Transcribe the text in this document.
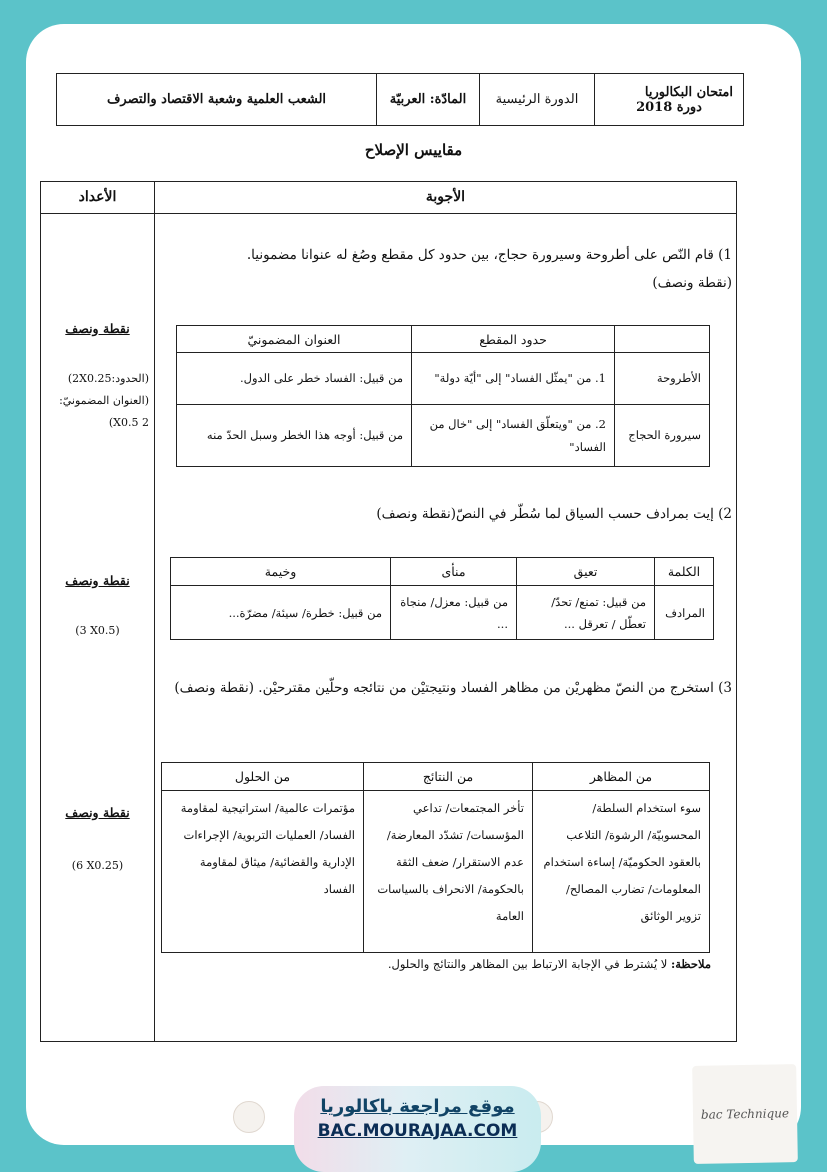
امتحان البكالوريا
دورة 2018
	الدورة الرئيسية	المادّة: العربيّة	الشعب العلمية وشعبة الاقتصاد والتصرف
مقاييس الإصلاح
الأجوبة
الأعداد
نقطة ونصف
(الحدود:2X0.25)
(العنوان المضمونيّ:
2 X0.5)
نقطة ونصف
(3 X0.5)
نقطة ونصف
(6 X0.25)
1) قام النّص على أطروحة وسيرورة حجاج، بين حدود كل مقطع وصُغ له عنوانا مضمونيا.
(نقطة ونصف)
	حدود المقطع	العنوان المضمونيّ
الأطروحة	1. من "يمثّل الفساد" إلى "أيّة دولة"	من قبيل: الفساد خطر على الدول.
سيرورة الحجاج	2. من "ويتعلّق الفساد" إلى "خال من الفساد"	من قبيل: أوجه هذا الخطر وسبل الحدّ منه
2) إيت بمرادف حسب السياق لما سُطّر في النصّ(نقطة ونصف)
الكلمة	تعيق	منأى	وخيمة
المرادف	من قبيل: تمنع/ تحدّ/ تعطّل / تعرقل ...	من قبيل: معزل/ منجاة ...	من قبيل: خطرة/ سيئة/ مضرّة...
3) استخرج من النصّ مظهريْن من مظاهر الفساد ونتيجتيْن من نتائجه وحلّين مقترحيْن. (نقطة ونصف)
من المظاهر	من النتائج	من الحلول
سوء استخدام السلطة/ المحسوبيّة/ الرشوة/ التلاعب بالعقود الحكوميّة/ إساءة استخدام المعلومات/ تضارب المصالح/ تزوير الوثائق	تأخر المجتمعات/ تداعي المؤسسات/ تشدّد المعارضة/ عدم الاستقرار/ ضعف الثقة بالحكومة/ الانحراف بالسياسات العامة	مؤتمرات عالمية/ استراتيجية لمقاومة الفساد/ العمليات التربوية/ الإجراءات الإدارية والقضائية/ ميثاق لمقاومة الفساد
ملاحظة: لا يُشترط في الإجابة الارتباط بين المظاهر والنتائج والحلول.
موقع مراجعة باكالوريا
BAC.MOURAJAA.COM
bac Technique
